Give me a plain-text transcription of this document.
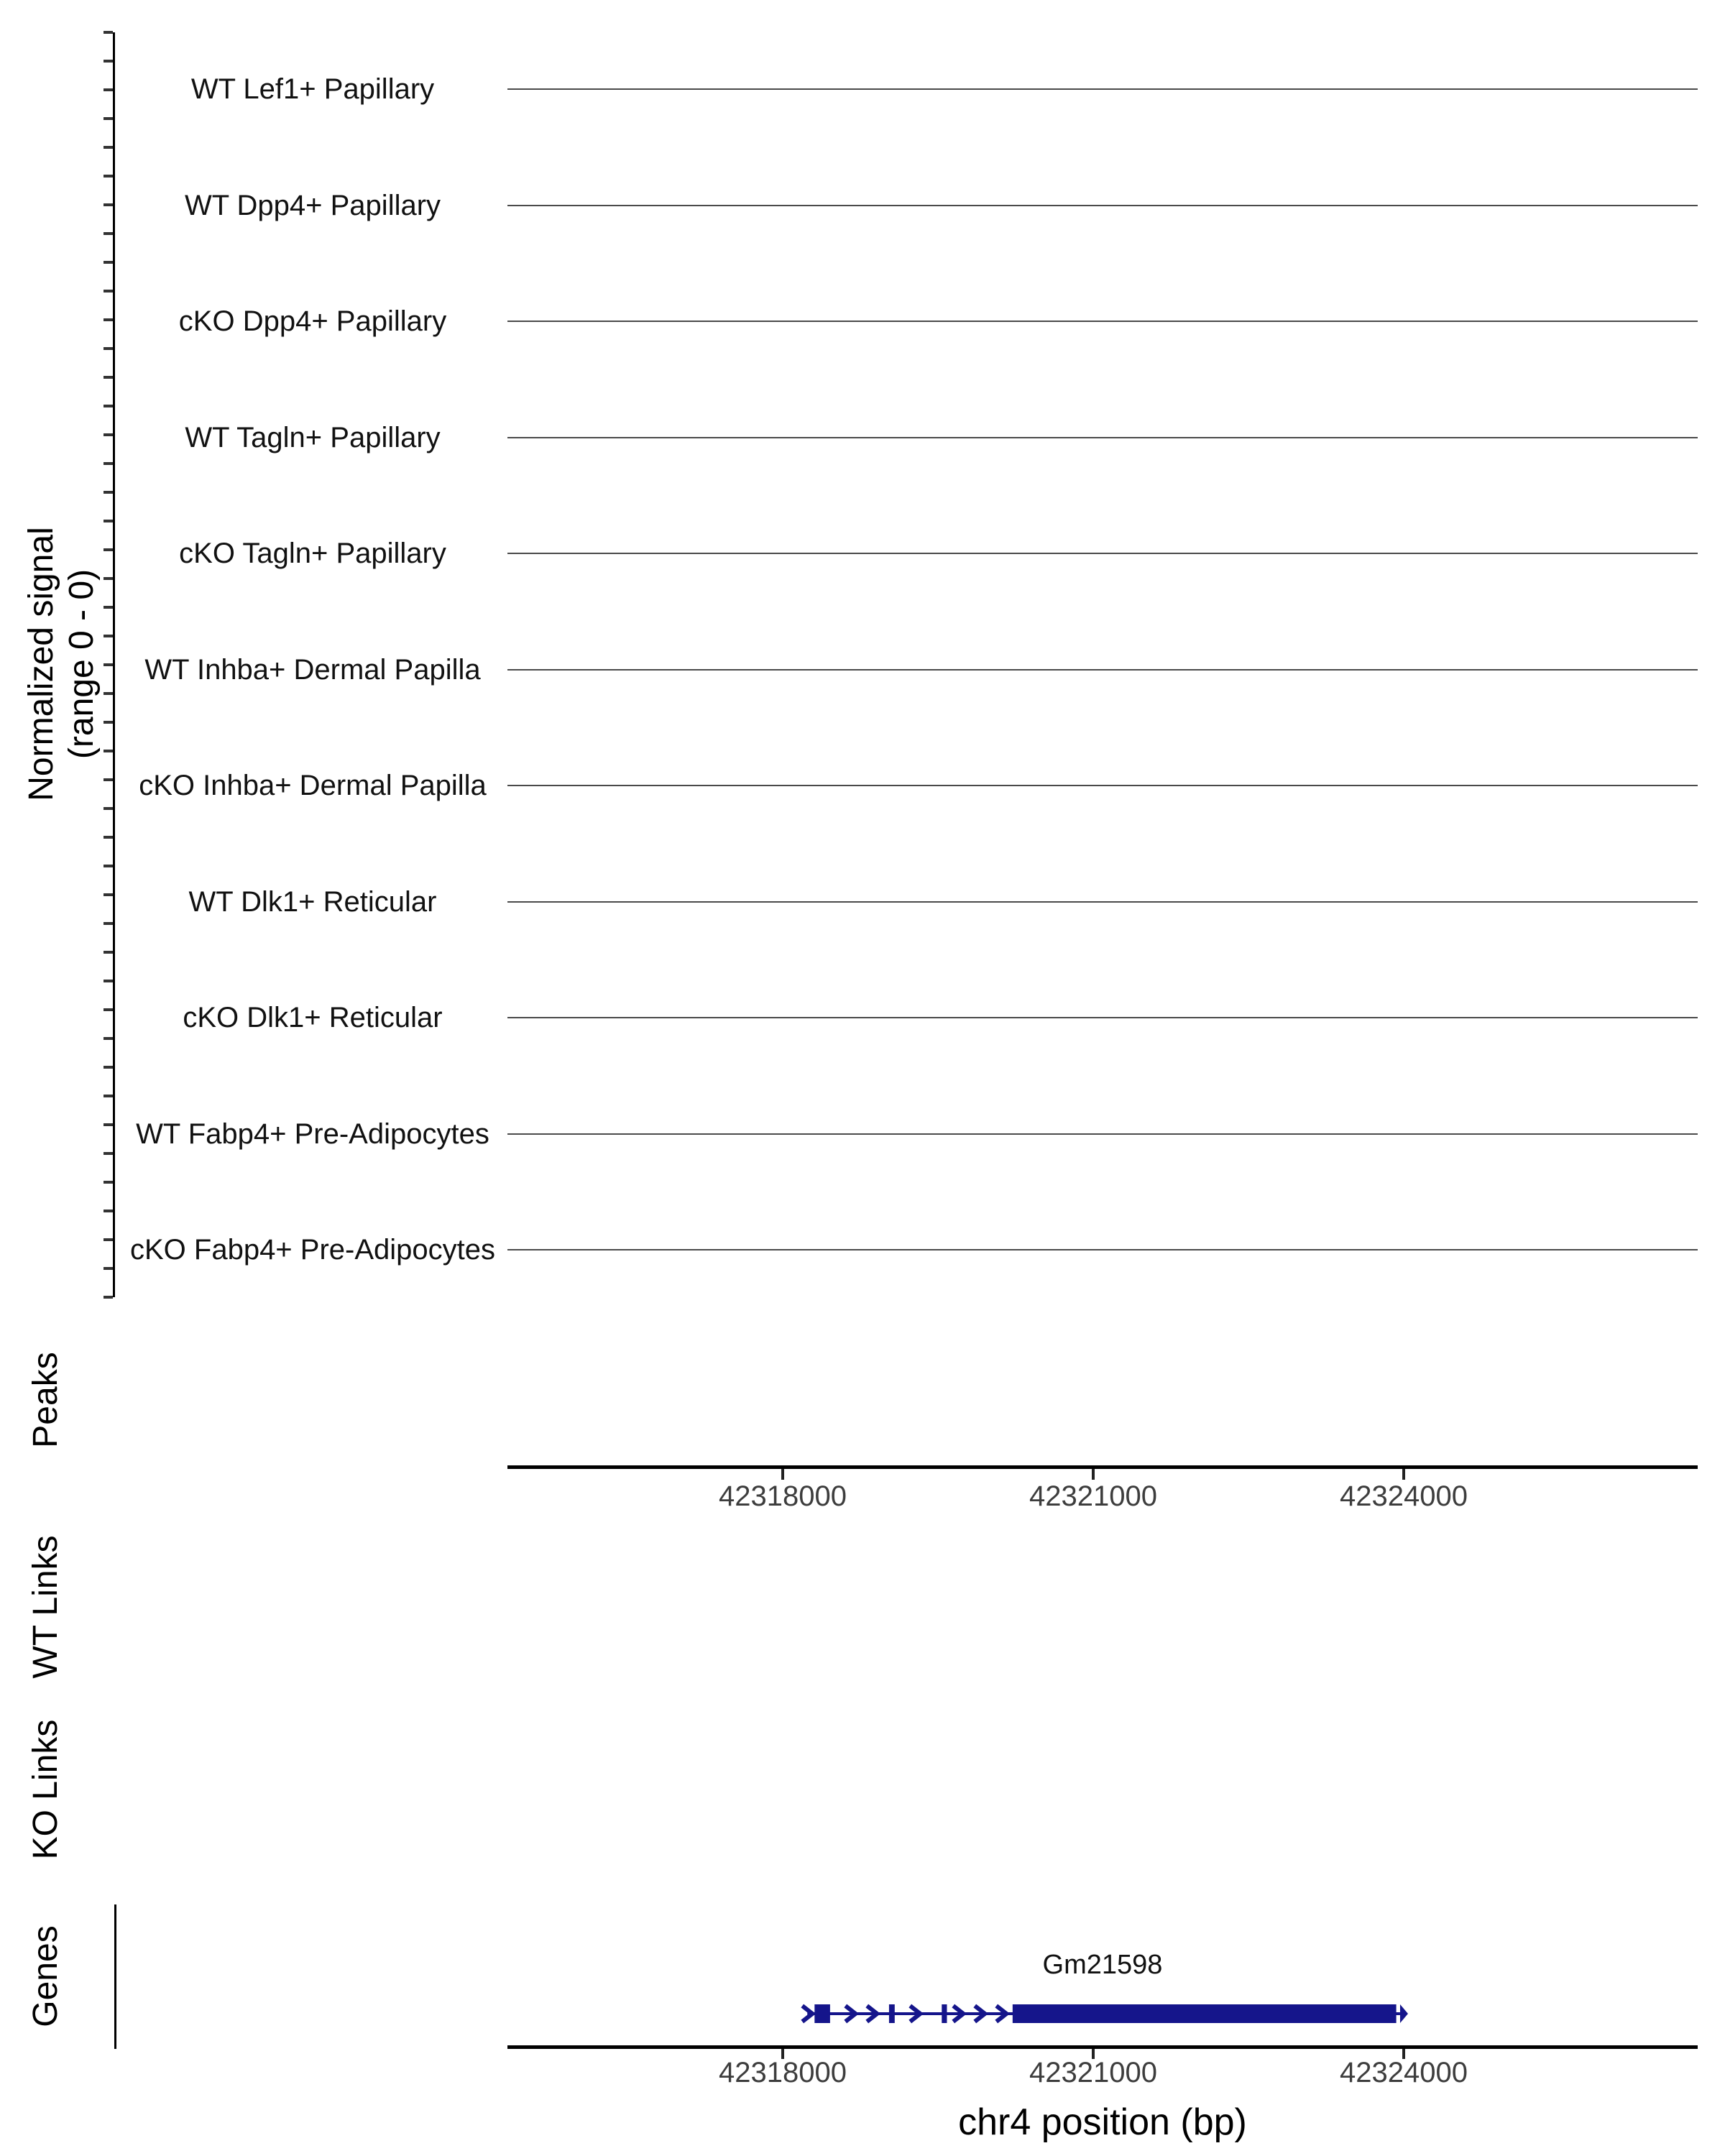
Normalized signal (range 0 - 0)
WT Lef1+ Papillary
WT Dpp4+ Papillary
cKO Dpp4+ Papillary
WT Tagln+ Papillary
cKO Tagln+ Papillary
WT Inhba+ Dermal Papilla
cKO Inhba+ Dermal Papilla
WT Dlk1+ Reticular
cKO Dlk1+ Reticular
WT Fabp4+ Pre-Adipocytes
cKO Fabp4+ Pre-Adipocytes
Peaks
WT Links
KO Links
Genes
42318000	42321000	42324000
Gm21598
42318000	42321000	42324000
chr4 position (bp)
